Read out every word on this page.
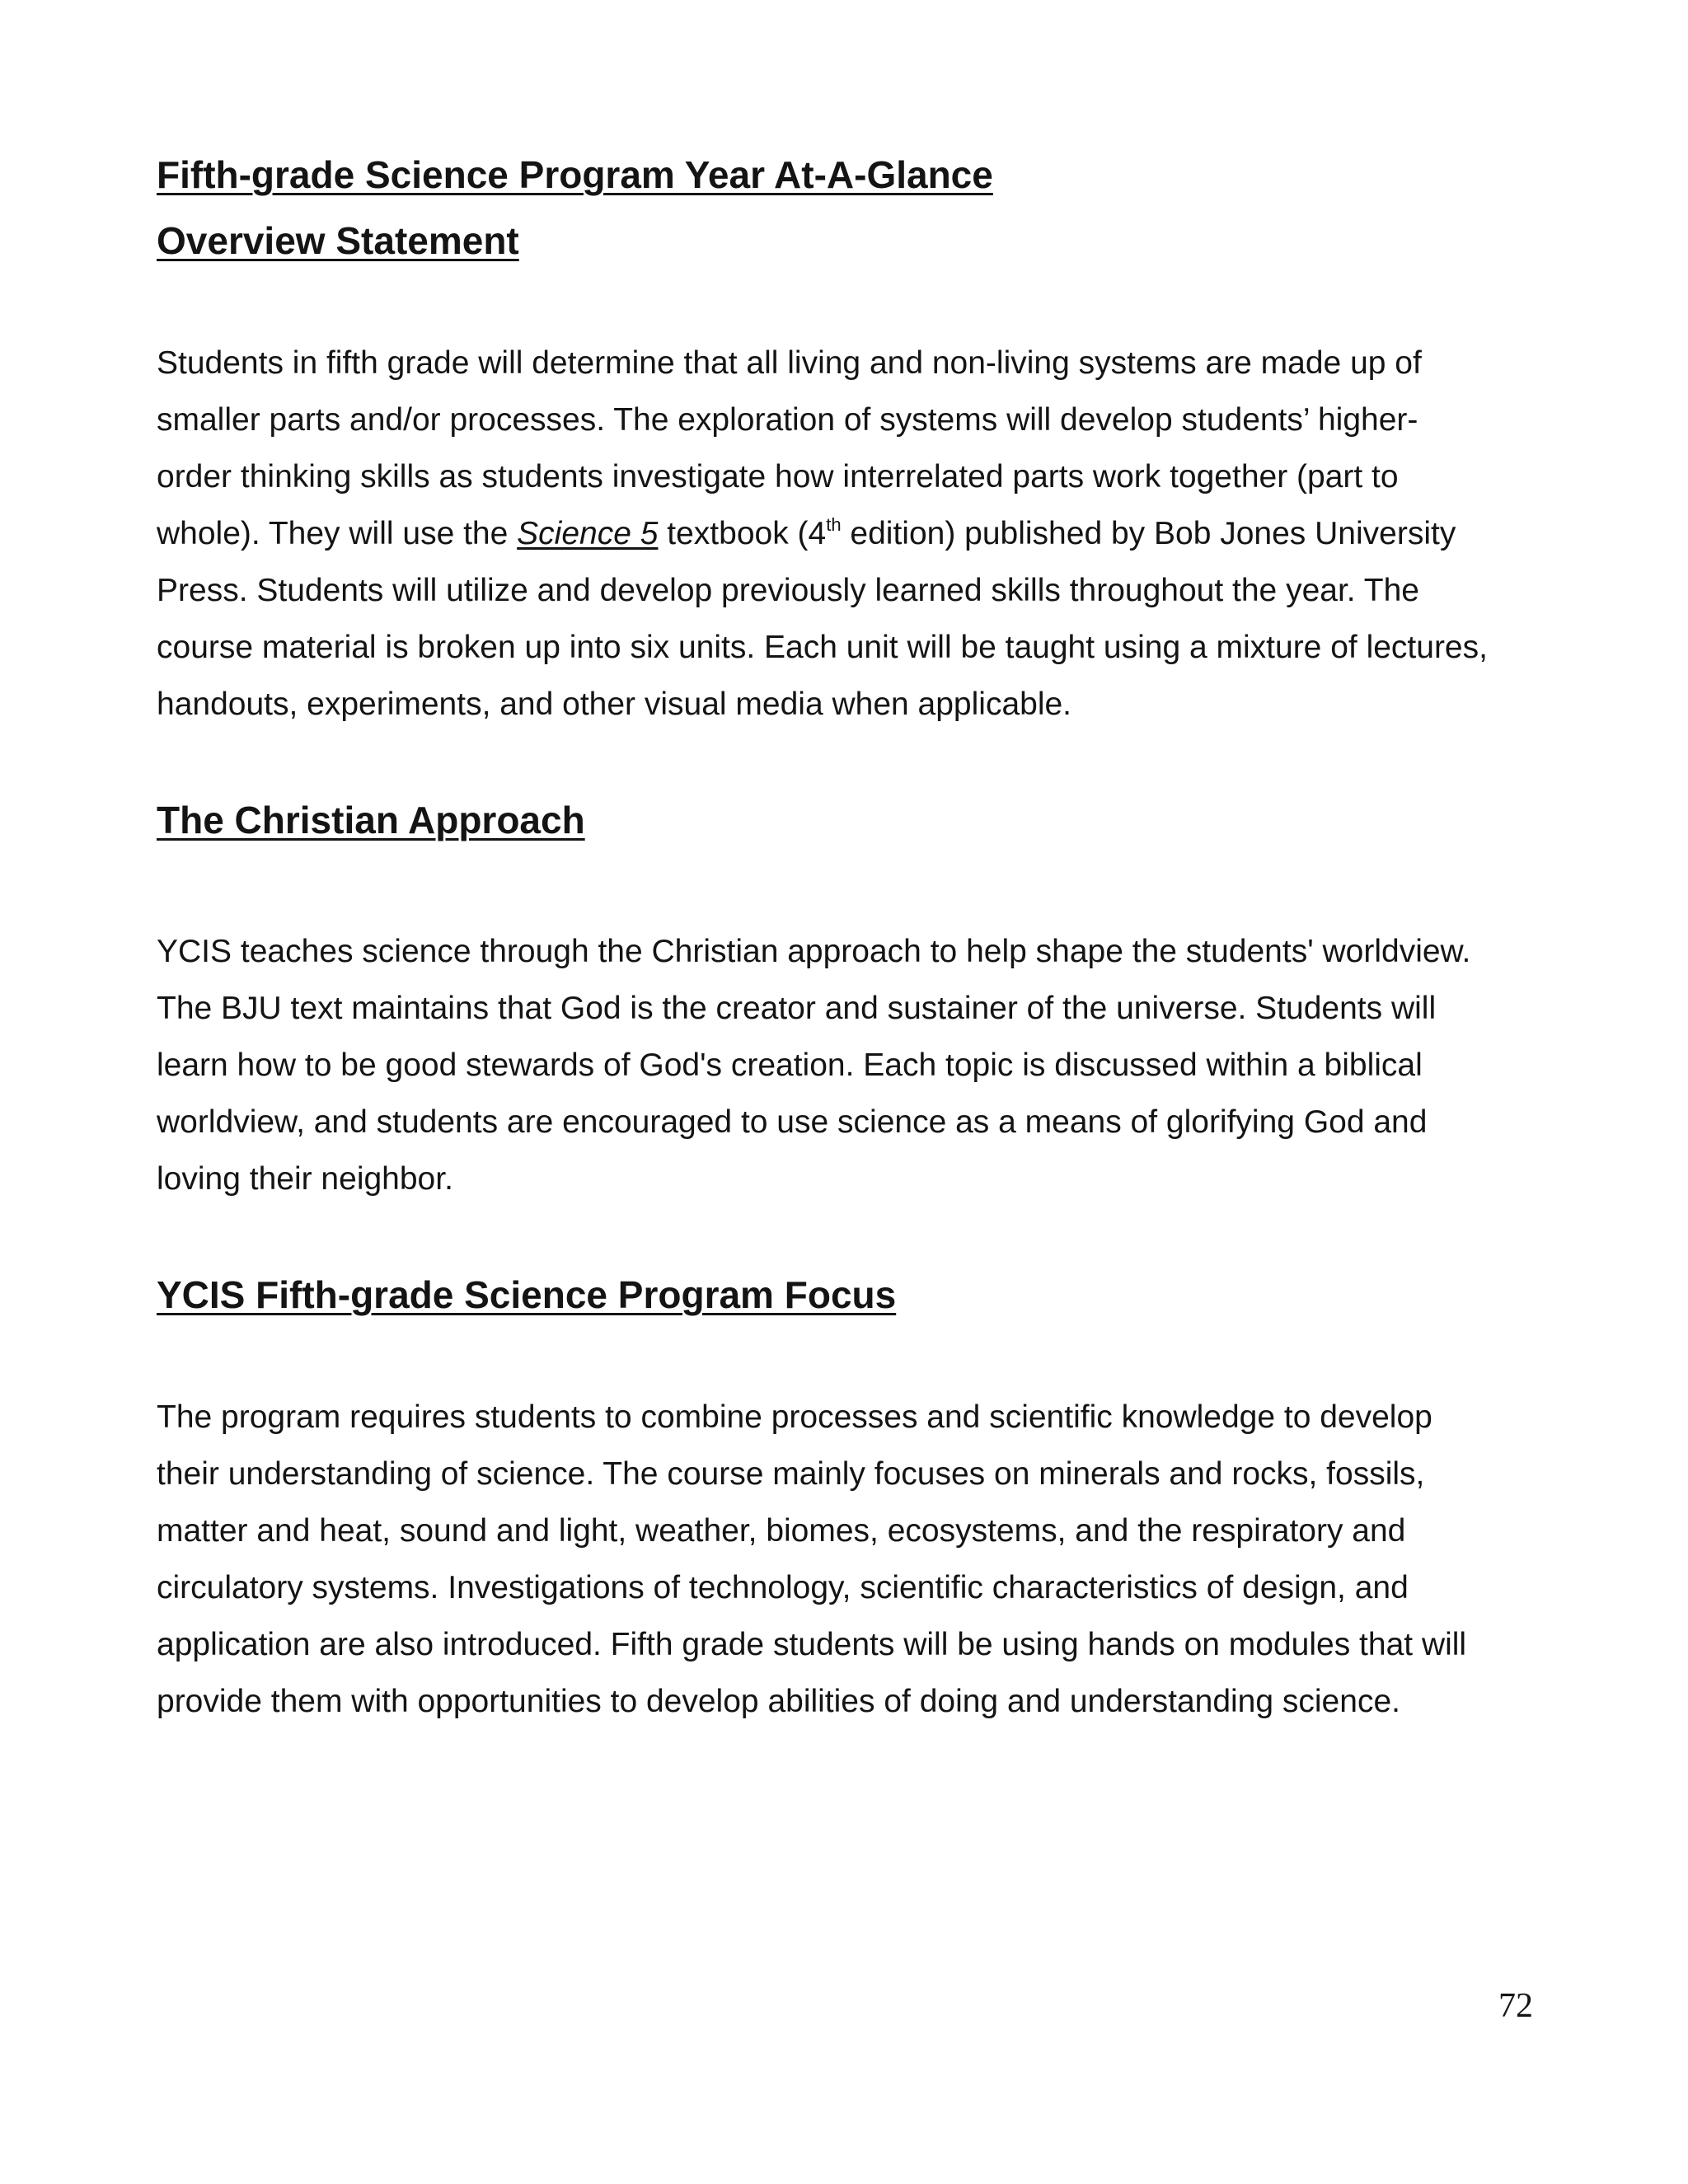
Fifth-grade Science Program Year At-A-Glance
Overview Statement

Students in fifth grade will determine that all living and non-living systems are made up of
smaller parts and/or processes. The exploration of systems will develop students’ higher-
order thinking skills as students investigate how interrelated parts work together (part to
whole). They will use the Science 5 textbook (4th edition) published by Bob Jones University
Press. Students will utilize and develop previously learned skills throughout the year. The
course material is broken up into six units. Each unit will be taught using a mixture of lectures,
handouts, experiments, and other visual media when applicable.

The Christian Approach

YCIS teaches science through the Christian approach to help shape the students' worldview.
The BJU text maintains that God is the creator and sustainer of the universe. Students will
learn how to be good stewards of God's creation. Each topic is discussed within a biblical
worldview, and students are encouraged to use science as a means of glorifying God and
loving their neighbor.

YCIS Fifth-grade Science Program Focus

The program requires students to combine processes and scientific knowledge to develop
their understanding of science. The course mainly focuses on minerals and rocks, fossils,
matter and heat, sound and light, weather, biomes, ecosystems, and the respiratory and
circulatory systems. Investigations of technology, scientific characteristics of design, and
application are also introduced. Fifth grade students will be using hands on modules that will
provide them with opportunities to develop abilities of doing and understanding science.

72
